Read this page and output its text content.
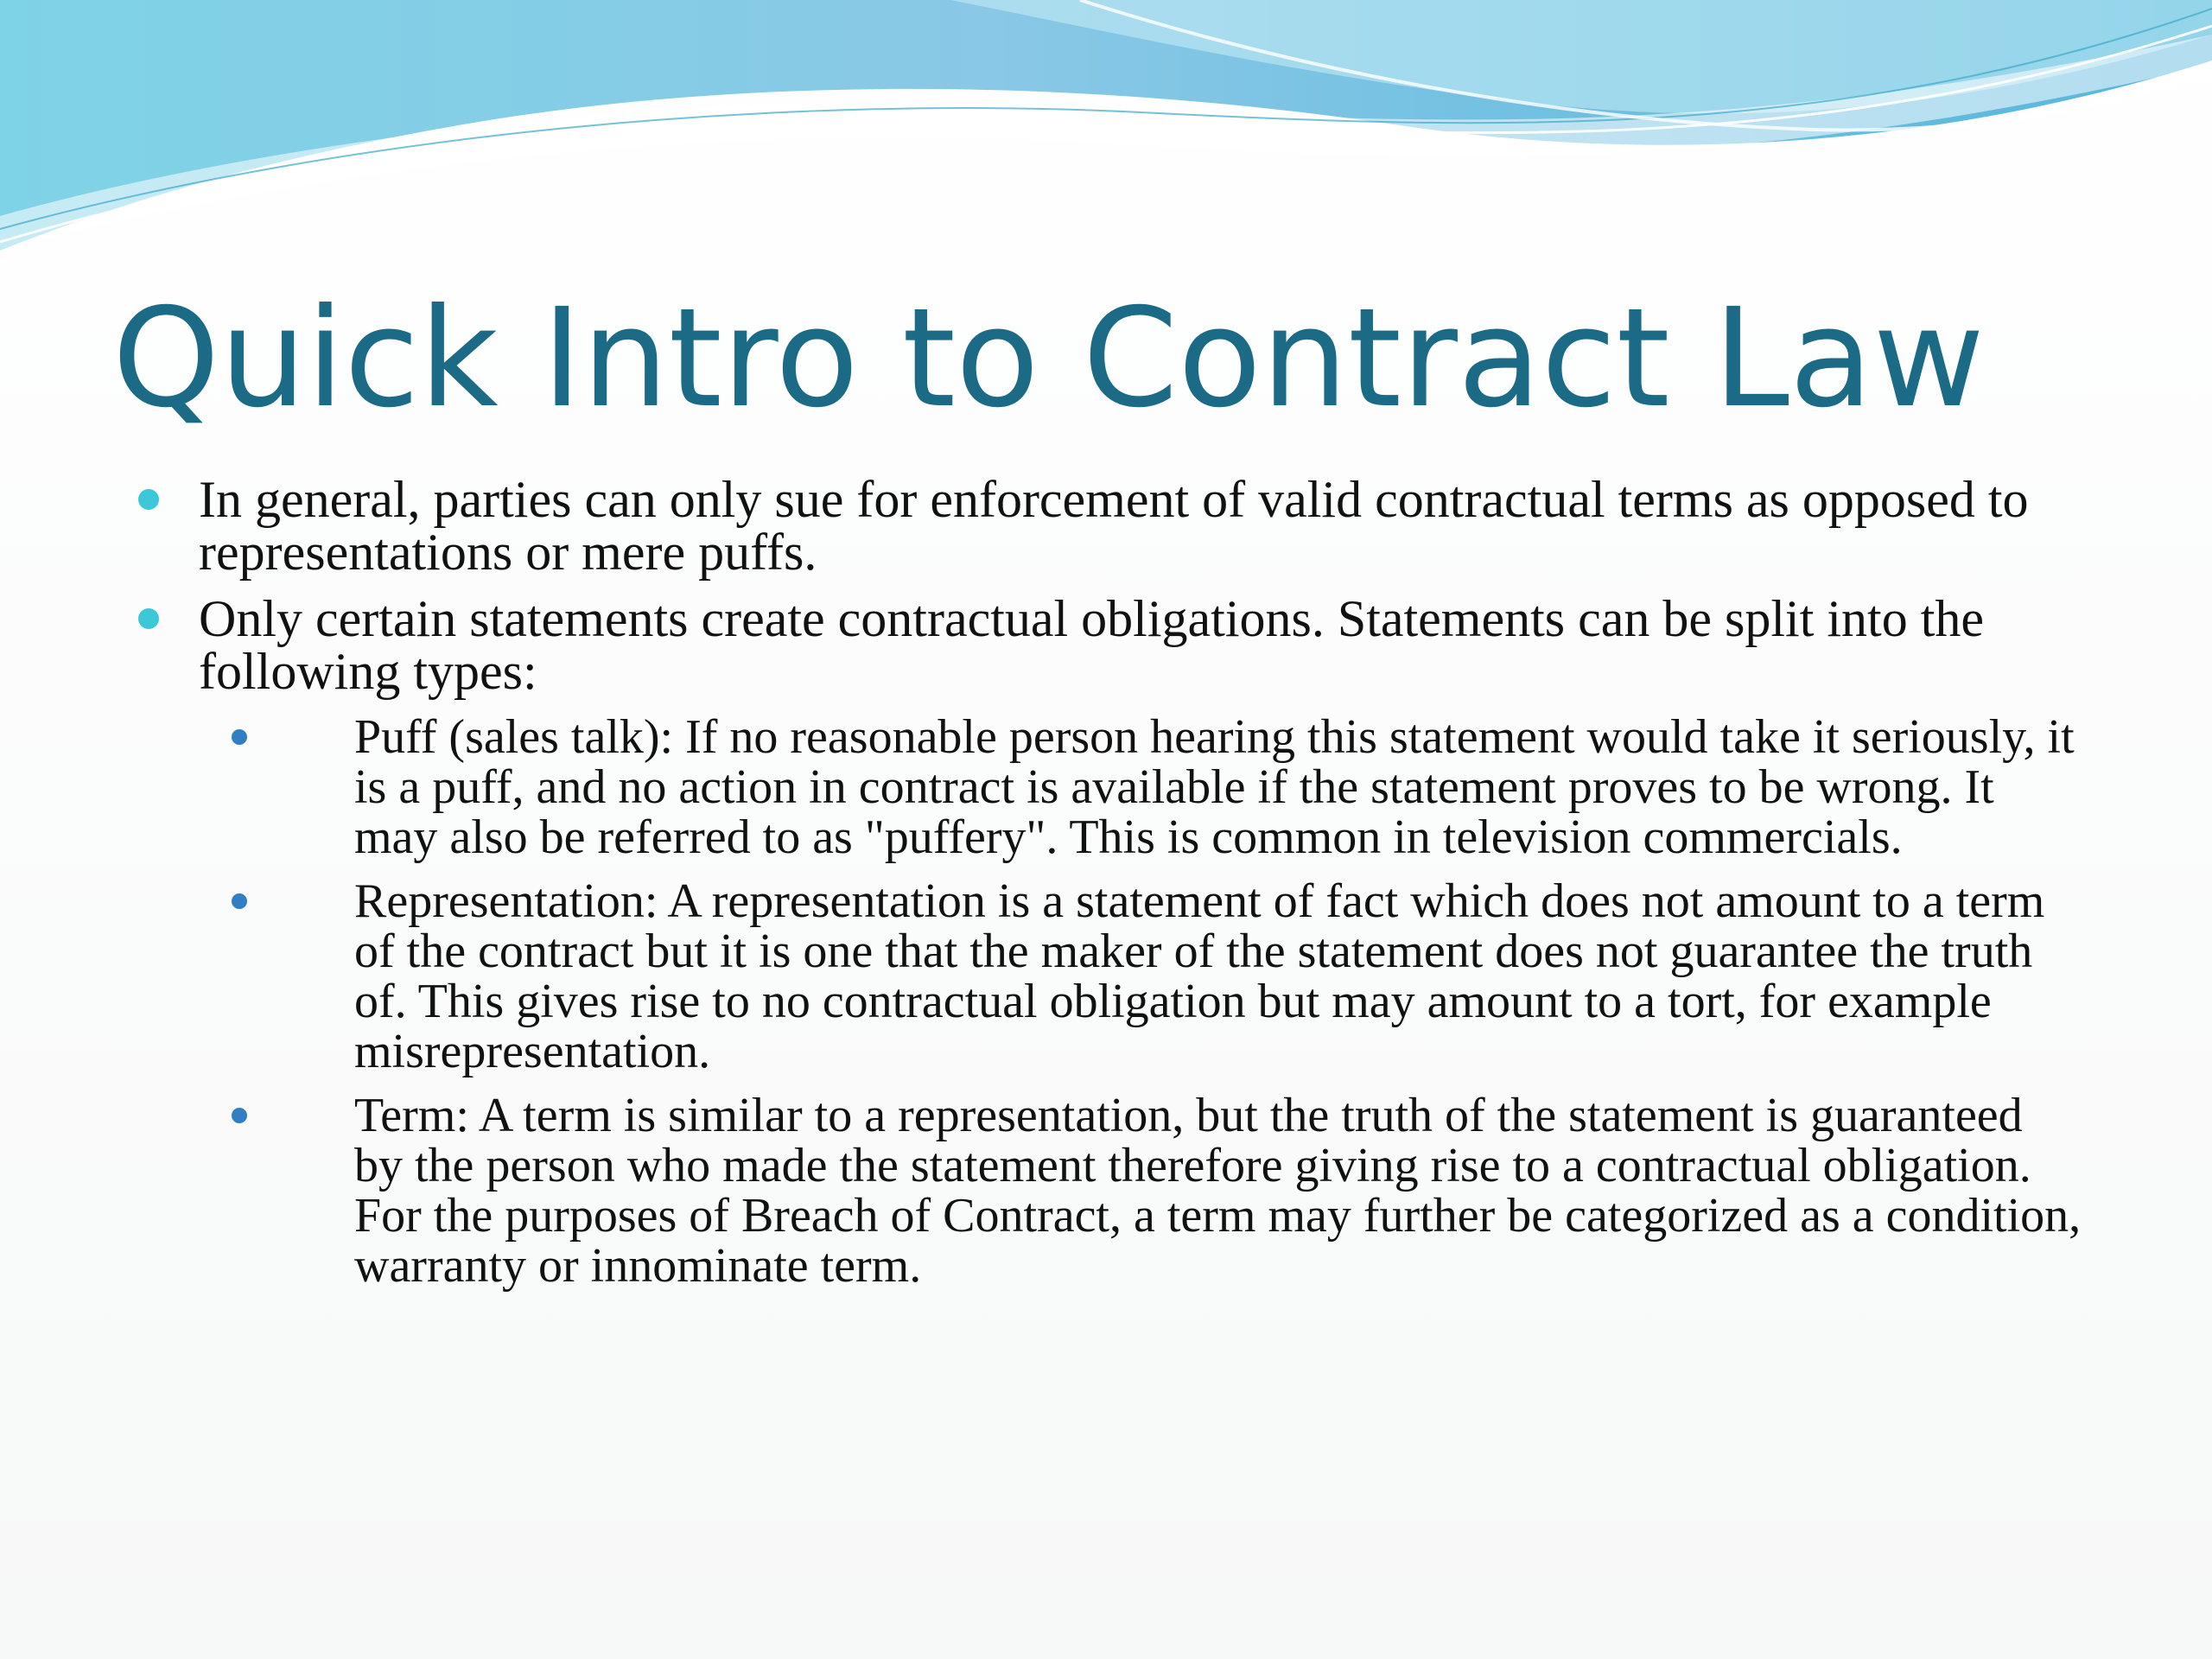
Quick Intro to Contract Law
In general, parties can only sue for enforcement of valid contractual terms as opposed to representations or mere puffs.
Only certain statements create contractual obligations. Statements can be split into the following types:
Puff (sales talk): If no reasonable person hearing this statement would take it seriously, it is a puff, and no action in contract is available if the statement proves to be wrong. It may also be referred to as "puffery". This is common in television commercials.
Representation: A representation is a statement of fact which does not amount to a term of the contract but it is one that the maker of the statement does not guarantee the truth of. This gives rise to no contractual obligation but may amount to a tort, for example misrepresentation.
Term: A term is similar to a representation, but the truth of the statement is guaranteed by the person who made the statement therefore giving rise to a contractual obligation. For the purposes of Breach of Contract, a term may further be categorized as a condition, warranty or innominate term.
